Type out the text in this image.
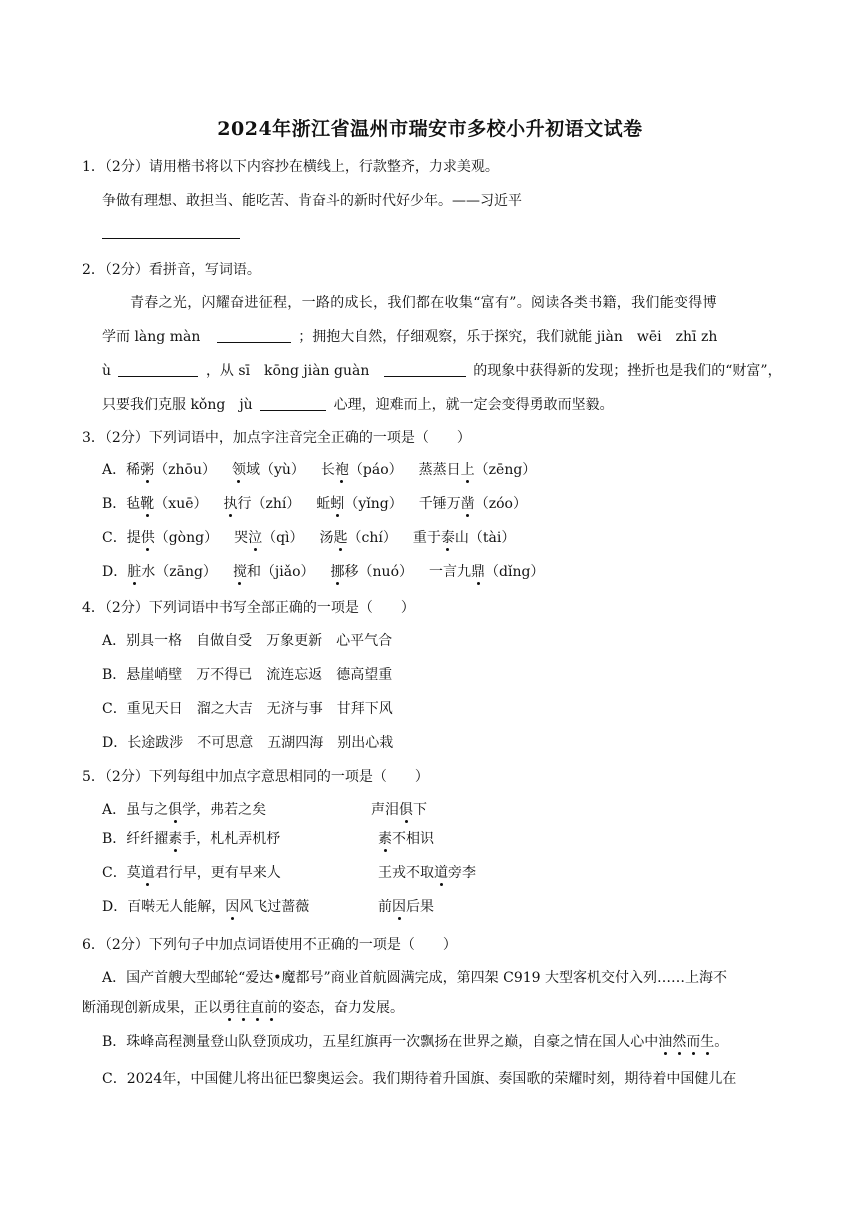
2024年浙江省温州市瑞安市多校小升初语文试卷
1．（2分）请用楷书将以下内容抄在横线上，行款整齐，力求美观。
争做有理想、敢担当、能吃苦、肯奋斗的新时代好少年。——习近平
2．（2分）看拼音，写词语。
青春之光，闪耀奋进征程，一路的成长，我们都在收集“富有”。阅读各类书籍，我们能变得博
学而 làng màn	；拥抱大自然，仔细观察，乐于探究，我们就能 jiàn　wēi　zhī zh
ù	，从 sī　kōng jiàn guàn	的现象中获得新的发现；挫折也是我们的“财富”，
只要我们克服 kǒng　jù	心理，迎难而上，就一定会变得勇敢而坚毅。
3．（2分）下列词语中，加点字注音完全正确的一项是（　　）
A．稀粥（zhōu） 领域（yù） 长袍（páo） 蒸蒸日上（zēng）
B．毡靴（xuē） 执行（zhí） 蚯蚓（yǐng） 千锤万凿（zóo）
C．提供（gòng） 哭泣（qì） 汤匙（chí） 重于泰山（tài）
D．脏水（zāng） 搅和（jiǎo） 挪移（nuó） 一言九鼎（dǐng）
4．（2分）下列词语中书写全部正确的一项是（　　）
A．别具一格　自做自受　万象更新　心平气合
B．悬崖峭壁　万不得已　流连忘返　德高望重
C．重见天日　溜之大吉　无济与事　甘拜下风
D．长途跋涉　不可思意　五湖四海　别出心栽
5．（2分）下列每组中加点字意思相同的一项是（　　）
A．虽与之俱学，弗若之矣	声泪俱下
B．纤纤擢素手，札札弄机杼	素不相识
C．莫道君行早，更有早来人	王戎不取道旁李
D．百啭无人能解，因风飞过蔷薇	前因后果
6．（2分）下列句子中加点词语使用不正确的一项是（　　）
A．国产首艘大型邮轮“爱达•魔都号”商业首航圆满完成，第四架 C919 大型客机交付入列……上海不
断涌现创新成果，正以勇往直前的姿态，奋力发展。
B．珠峰高程测量登山队登顶成功，五星红旗再一次飘扬在世界之巅，自豪之情在国人心中油然而生。
C．2024年，中国健儿将出征巴黎奥运会。我们期待着升国旗、奏国歌的荣耀时刻，期待着中国健儿在
